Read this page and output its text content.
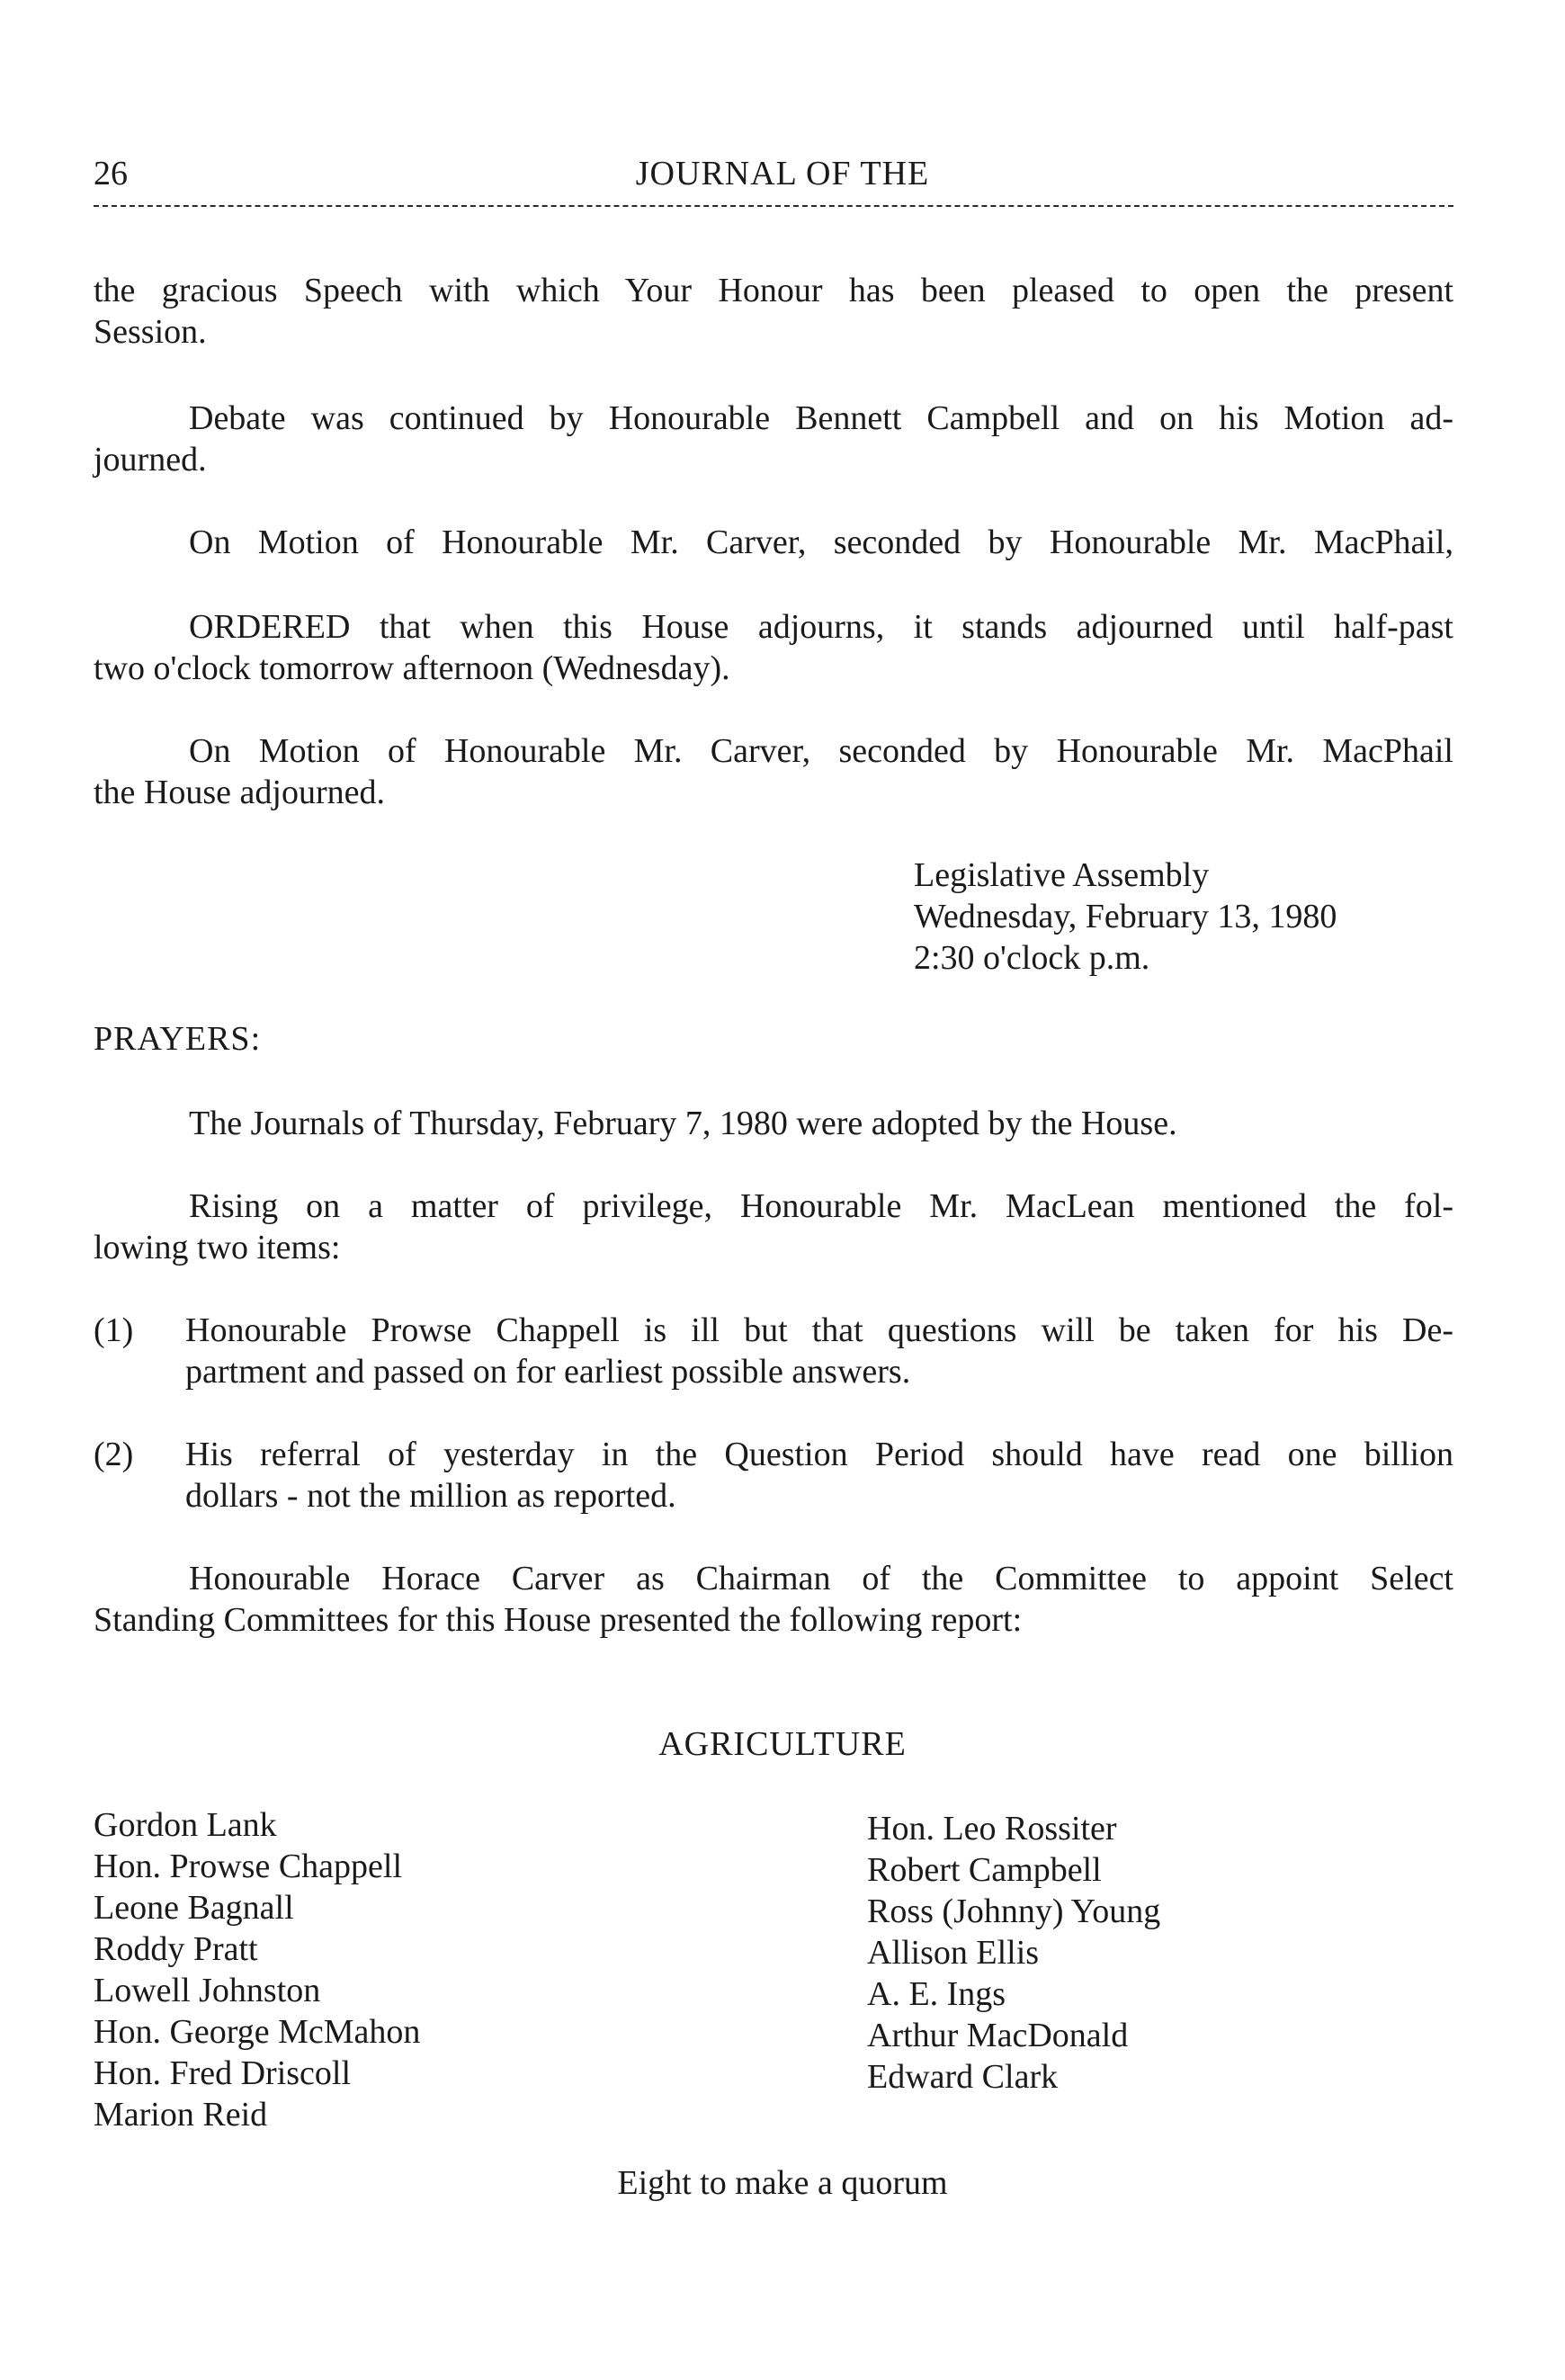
26	JOURNAL OF THE
the gracious Speech with which Your Honour has been pleased to open the present
Session.
Debate was continued by Honourable Bennett Campbell and on his Motion ad-
journed.
On Motion of Honourable Mr. Carver, seconded by Honourable Mr. MacPhail,
ORDERED that when this House adjourns, it stands adjourned until half-past
two o'clock tomorrow afternoon (Wednesday).
On Motion of Honourable Mr. Carver, seconded by Honourable Mr. MacPhail
the House adjourned.
Legislative Assembly
Wednesday, February 13, 1980
2:30 o'clock p.m.
PRAYERS:
The Journals of Thursday, February 7, 1980 were adopted by the House.
Rising on a matter of privilege, Honourable Mr. MacLean mentioned the fol-
lowing two items:
(1) Honourable Prowse Chappell is ill but that questions will be taken for his De-
partment and passed on for earliest possible answers.
(2) His referral of yesterday in the Question Period should have read one billion
dollars - not the million as reported.
Honourable Horace Carver as Chairman of the Committee to appoint Select
Standing Committees for this House presented the following report:
AGRICULTURE
Gordon Lank
Hon. Prowse Chappell
Leone Bagnall
Roddy Pratt
Lowell Johnston
Hon. George McMahon
Hon. Fred Driscoll
Marion Reid
Hon. Leo Rossiter
Robert Campbell
Ross (Johnny) Young
Allison Ellis
A. E. Ings
Arthur MacDonald
Edward Clark
Eight to make a quorum
